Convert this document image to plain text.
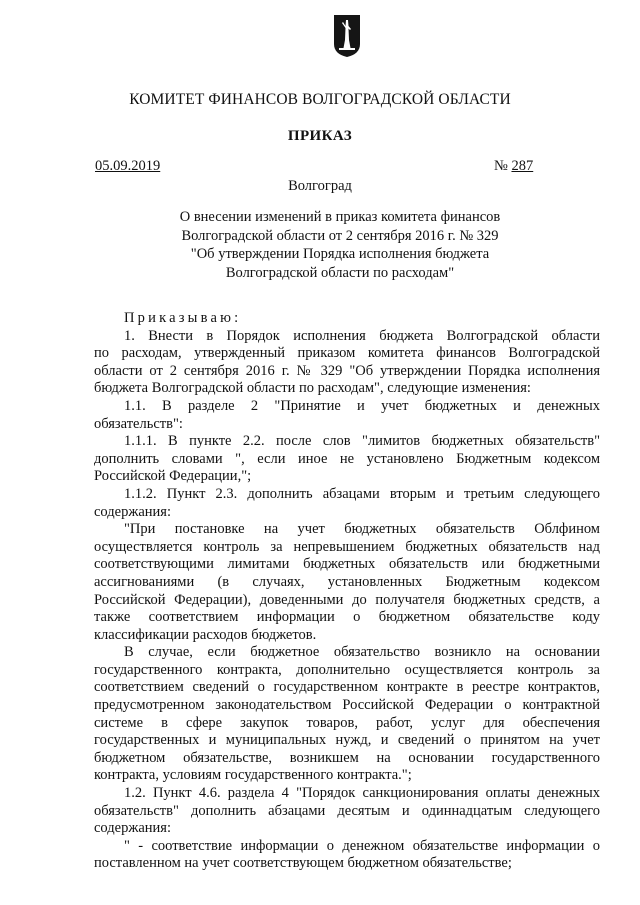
КОМИТЕТ ФИНАНСОВ ВОЛГОГРАДСКОЙ ОБЛАСТИ
ПРИКАЗ
05.09.2019	№ 287
Волгоград
О внесении изменений в приказ комитета финансов
Волгоградской области от 2 сентября 2016 г. № 329
"Об утверждении Порядка исполнения бюджета
Волгоградской области по расходам"

Приказываю:

1. Внести в Порядок исполнения бюджета Волгоградской области
по расходам, утвержденный приказом комитета финансов Волгоградской
области от 2 сентября 2016 г. № 329 "Об утверждении Порядка исполнения
бюджета Волгоградской области по расходам", следующие изменения:

1.1. В разделе 2 "Принятие и учет бюджетных и денежных
обязательств":

1.1.1. В пункте 2.2. после слов "лимитов бюджетных обязательств"
дополнить словами ", если иное не установлено Бюджетным кодексом
Российской Федерации,";

1.1.2. Пункт 2.3. дополнить абзацами вторым и третьим следующего
содержания:

"При постановке на учет бюджетных обязательств Облфином
осуществляется контроль за непревышением бюджетных обязательств над
соответствующими лимитами бюджетных обязательств или бюджетными
ассигнованиями (в случаях, установленных Бюджетным кодексом
Российской Федерации), доведенными до получателя бюджетных средств, а
также соответствием информации о бюджетном обязательстве коду
классификации расходов бюджетов.

В случае, если бюджетное обязательство возникло на основании
государственного контракта, дополнительно осуществляется контроль за
соответствием сведений о государственном контракте в реестре контрактов,
предусмотренном законодательством Российской Федерации о контрактной
системе в сфере закупок товаров, работ, услуг для обеспечения
государственных и муниципальных нужд, и сведений о принятом на учет
бюджетном обязательстве, возникшем на основании государственного
контракта, условиям государственного контракта.";

1.2. Пункт 4.6. раздела 4 "Порядок санкционирования оплаты денежных
обязательств" дополнить абзацами десятым и одиннадцатым следующего
содержания:

" - соответствие информации о денежном обязательстве информации о
поставленном на учет соответствующем бюджетном обязательстве;
